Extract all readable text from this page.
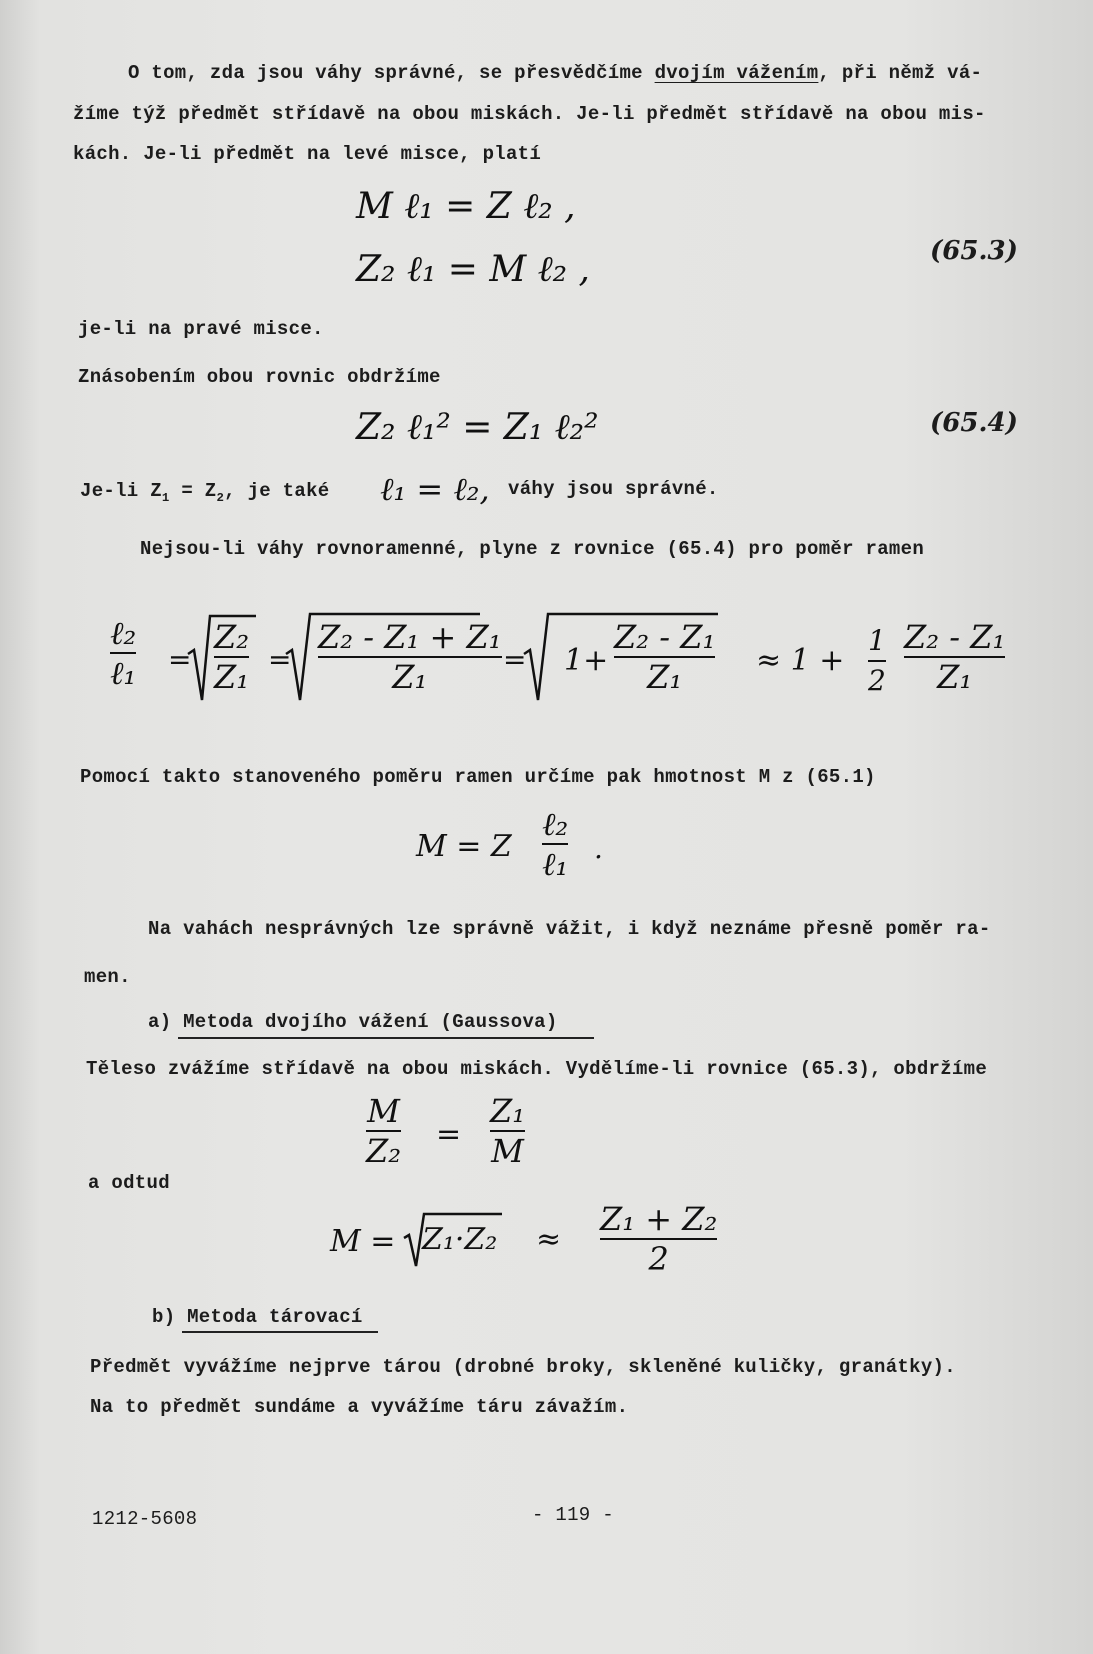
O tom, zda jsou váhy správné, se přesvědčíme dvojím vážením, při němž vá-
žíme týž předmět střídavě na obou miskách. Je-li předmět střídavě na obou mis-
kách. Je-li předmět na levé misce, platí
M ℓ₁ = Z ℓ₂ ,
Z₂ ℓ₁ = M ℓ₂ ,	(65.3)
je-li na pravé misce.
Znásobením obou rovnic obdržíme
Z₂ ℓ₁² = Z₁ ℓ₂²	(65.4)
Je-li $Z_1 = Z_2$, je také ℓ₁ = ℓ₂, váhy jsou správné.
Nejsou-li váhy rovnoramenné, plyne z rovnice (65.4) pro poměr ramen
ℓ₂
ℓ₁ =
Z₂
Z₁ =
Z₂ - Z₁ + Z₁
Z₁	= 1+
Z₂ - Z₁
Z₁ ≈ 1 +
1
2
Z₂ - Z₁
Z₁
Pomocí takto stanoveného poměru ramen určíme pak hmotnost M z (65.1)
M = Z
ℓ₂
ℓ₁ .
Na vahách nesprávných lze správně vážit, i když neznáme přesně poměr ra-
men.
a) Metoda dvojího vážení (Gaussova)
Těleso zvážíme střídavě na obou miskách. Vydělíme-li rovnice (65.3), obdržíme
M
Z₂ =
Z₁
M
a odtud
M = Z₁·Z₂ ≈
Z₁ + Z₂
2
b) Metoda tárovací
Předmět vyvážíme nejprve tárou (drobné broky, skleněné kuličky, granátky).
Na to předmět sundáme a vyvážíme táru závažím.
1212-5608	- 119 -
